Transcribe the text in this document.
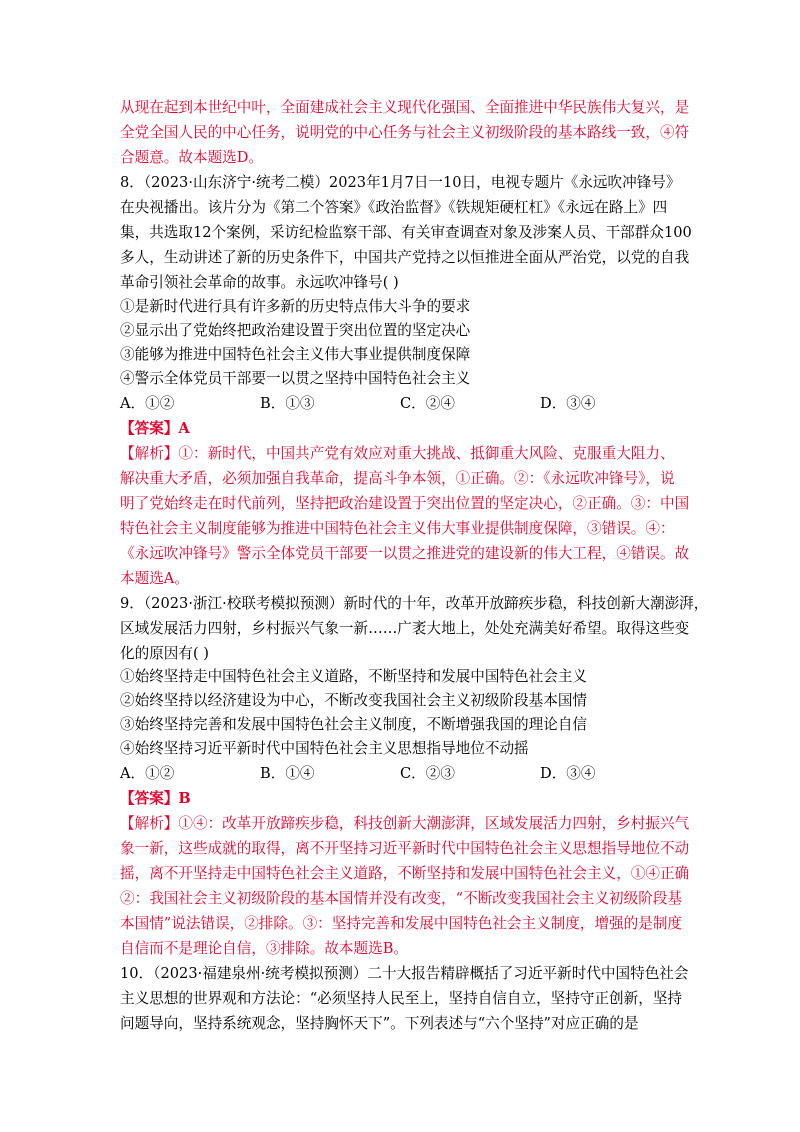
从现在起到本世纪中叶，全面建成社会主义现代化强国、全面推进中华民族伟大复兴，是
全党全国人民的中心任务，说明党的中心任务与社会主义初级阶段的基本路线一致，④符
合题意。故本题选D。
8．（2023·山东济宁·统考二模）2023年1月7日一10日，电视专题片《永远吹冲锋号》
在央视播出。该片分为《第二个答案》《政治监督》《铁规矩硬杠杠》《永远在路上》四
集，共选取12个案例，采访纪检监察干部、有关审查调查对象及涉案人员、干部群众100
多人，生动讲述了新的历史条件下，中国共产党持之以恒推进全面从严治党，以党的自我
革命引领社会革命的故事。永远吹冲锋号( )
①是新时代进行具有许多新的历史特点伟大斗争的要求
②显示出了党始终把政治建设置于突出位置的坚定决心
③能够为推进中国特色社会主义伟大事业提供制度保障
④警示全体党员干部要一以贯之坚持中国特色社会主义
A．①②	B．①③	C．②④	D．③④
【答案】A
【解析】①：新时代，中国共产党有效应对重大挑战、抵御重大风险、克服重大阻力、
解决重大矛盾，必须加强自我革命，提高斗争本领，①正确。②：《永远吹冲锋号》，说
明了党始终走在时代前列，坚持把政治建设置于突出位置的坚定决心，②正确。③：中国
特色社会主义制度能够为推进中国特色社会主义伟大事业提供制度保障，③错误。④：
《永远吹冲锋号》警示全体党员干部要一以贯之推进党的建设新的伟大工程，④错误。故
本题选A。
9．（2023·浙江·校联考模拟预测）新时代的十年，改革开放蹄疾步稳，科技创新大潮澎湃，
区域发展活力四射，乡村振兴气象一新……广袤大地上，处处充满美好希望。取得这些变
化的原因有( )
①始终坚持走中国特色社会主义道路，不断坚持和发展中国特色社会主义
②始终坚持以经济建设为中心，不断改变我国社会主义初级阶段基本国情
③始终坚持完善和发展中国特色社会主义制度，不断增强我国的理论自信
④始终坚持习近平新时代中国特色社会主义思想指导地位不动摇
A．①②	B．①④	C．②③	D．③④
【答案】B
【解析】①④：改革开放蹄疾步稳，科技创新大潮澎湃，区域发展活力四射，乡村振兴气
象一新，这些成就的取得，离不开坚持习近平新时代中国特色社会主义思想指导地位不动
摇，离不开坚持走中国特色社会主义道路，不断坚持和发展中国特色社会主义，①④正确
②：我国社会主义初级阶段的基本国情并没有改变，“不断改变我国社会主义初级阶段基
本国情”说法错误，②排除。③：坚持完善和发展中国特色社会主义制度，增强的是制度
自信而不是理论自信，③排除。故本题选B。
10．（2023·福建泉州·统考模拟预测）二十大报告精辟概括了习近平新时代中国特色社会
主义思想的世界观和方法论：“必须坚持人民至上，坚持自信自立，坚持守正创新，坚持
问题导向，坚持系统观念，坚持胸怀天下”。下列表述与“六个坚持”对应正确的是
